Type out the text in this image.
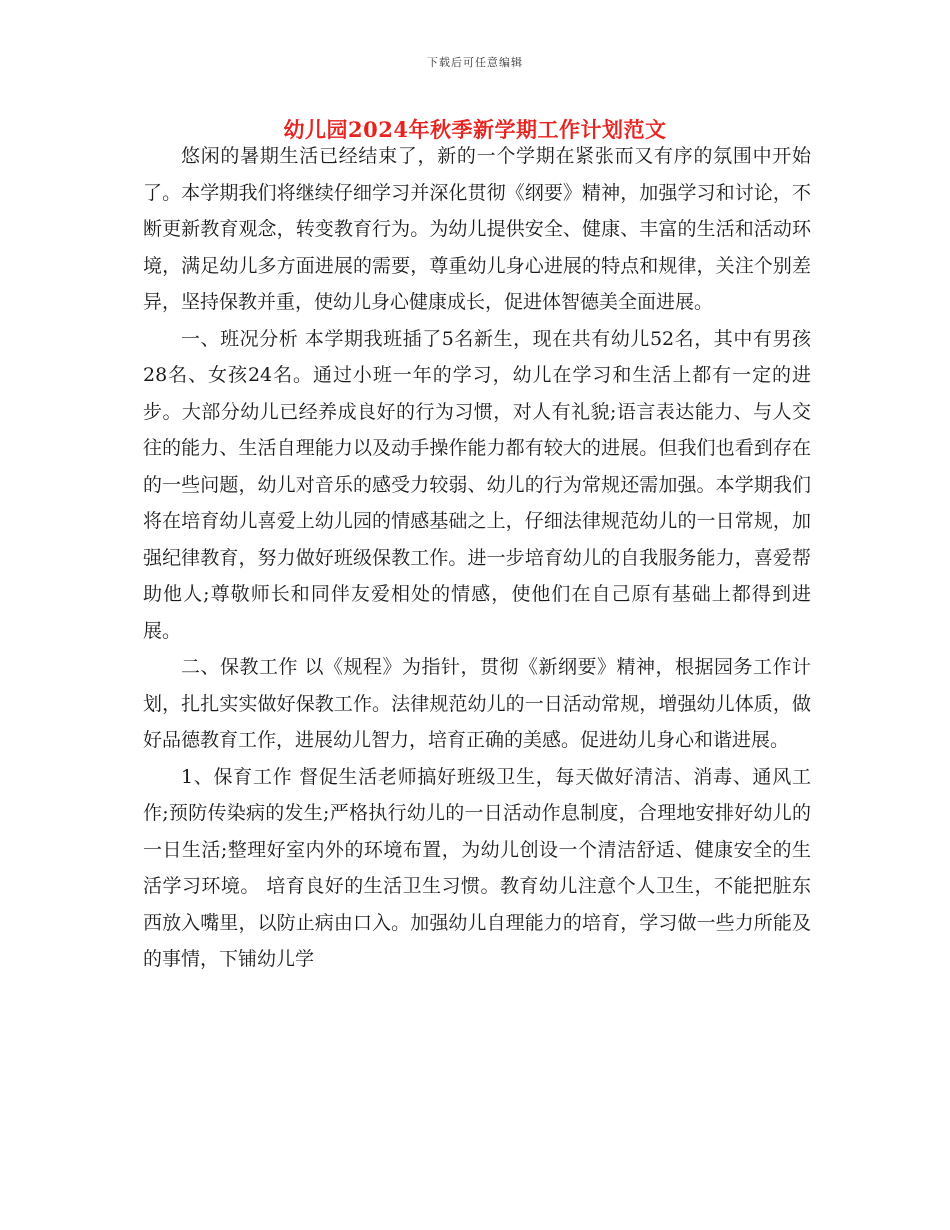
下载后可任意编辑
幼儿园2024年秋季新学期工作计划范文

悠闲的暑期生活已经结束了，新的一个学期在紧张而又有序的氛围中开始了。本学期我们将继续仔细学习并深化贯彻《纲要》精神，加强学习和讨论，不断更新教育观念，转变教育行为。为幼儿提供安全、健康、丰富的生活和活动环境，满足幼儿多方面进展的需要，尊重幼儿身心进展的特点和规律，关注个别差异，坚持保教并重，使幼儿身心健康成长，促进体智德美全面进展。

一、班况分析 本学期我班插了5名新生，现在共有幼儿52名，其中有男孩28名、女孩24名。通过小班一年的学习，幼儿在学习和生活上都有一定的进步。大部分幼儿已经养成良好的行为习惯，对人有礼貌;语言表达能力、与人交往的能力、生活自理能力以及动手操作能力都有较大的进展。但我们也看到存在的一些问题，幼儿对音乐的感受力较弱、幼儿的行为常规还需加强。本学期我们将在培育幼儿喜爱上幼儿园的情感基础之上，仔细法律规范幼儿的一日常规，加强纪律教育，努力做好班级保教工作。进一步培育幼儿的自我服务能力，喜爱帮助他人;尊敬师长和同伴友爱相处的情感，使他们在自己原有基础上都得到进展。

二、保教工作 以《规程》为指针，贯彻《新纲要》精神，根据园务工作计划，扎扎实实做好保教工作。法律规范幼儿的一日活动常规，增强幼儿体质，做好品德教育工作，进展幼儿智力，培育正确的美感。促进幼儿身心和谐进展。

1、保育工作 督促生活老师搞好班级卫生，每天做好清洁、消毒、通风工作;预防传染病的发生;严格执行幼儿的一日活动作息制度，合理地安排好幼儿的一日生活;整理好室内外的环境布置，为幼儿创设一个清洁舒适、健康安全的生活学习环境。 培育良好的生活卫生习惯。教育幼儿注意个人卫生，不能把脏东西放入嘴里，以防止病由口入。加强幼儿自理能力的培育，学习做一些力所能及的事情，下铺幼儿学
